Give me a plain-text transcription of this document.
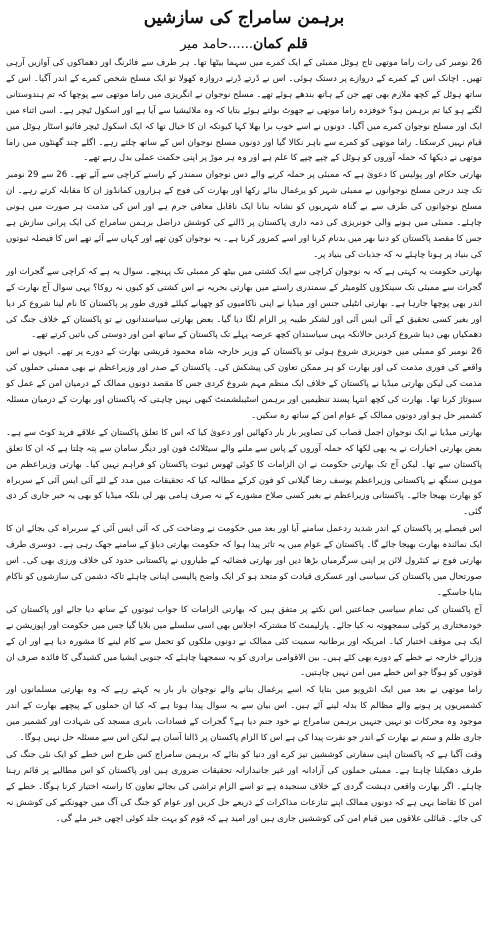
برہمن سامراج کی سازشیں
قلم کمان......حامد میر

26 نومبر کی رات راما موتھی تاج ہوٹل ممبئی کے ایک کمرے میں سہما بیٹھا تھا۔ ہر طرف سے فائرنگ اور دھماکوں کی آوازیں آرہی تھیں۔ اچانک اس کے کمرے کے دروازے پر دستک ہوئی۔ اس نے ڈرتے ڈرتے دروازہ کھولا تو ایک مسلح شخص کمرے کے اندر آگیا۔ اس کے ساتھ ہوٹل کے کچھ ملازم بھی تھے جن کے ہاتھ بندھے ہوئے تھے۔ مسلح نوجوان نے انگریزی میں راما موتھی سے پوچھا کہ تم ہندوستانی لگتے ہو کیا تم برہمن ہو؟ خوفزدہ راما موتھی نے جھوٹ بولتے ہوئے بتایا کہ وہ ملائیشیا سے آیا ہے اور اسکول ٹیچر ہے۔ اسی اثناء میں ایک اور مسلح نوجوان کمرے میں آگیا۔ دونوں نے اسے خوب برا بھلا کہا کیونکہ ان کا خیال تھا کہ ایک اسکول ٹیچر فائیو اسٹار ہوٹل میں قیام نہیں کرسکتا۔ راما موتھی کو کمرے سے باہر نکالا گیا اور دونوں مسلح نوجوان اس کے ساتھ چلتے رہے۔ اگلے چند گھنٹوں میں راما موتھی نے دیکھا کہ حملہ آوروں کو ہوٹل کے چپے چپے کا علم ہے اور وہ ہر موڑ پر اپنی حکمت عملی بدل رہے تھے۔

بھارتی حکام اور پولیس کا دعویٰ ہے کہ ممبئی پر حملہ کرنے والے دس نوجوان سمندر کے راستے کراچی سے آئے تھے۔ 26 سے 29 نومبر تک چند درجن مسلح نوجوانوں نے ممبئی شہر کو یرغمال بنائے رکھا اور بھارت کی فوج کے ہزاروں کمانڈوز ان کا مقابلہ کرتے رہے۔ ان مسلح نوجوانوں کی طرف سے بے گناہ شہریوں کو نشانہ بنانا ایک ناقابل معافی جرم ہے اور اس کی مذمت ہر صورت میں ہونی چاہئے۔ ممبئی میں ہونے والی خونریزی کی ذمہ داری پاکستان پر ڈالنے کی کوشش دراصل برہمن سامراج کی ایک پرانی سازش ہے جس کا مقصد پاکستان کو دنیا بھر میں بدنام کرنا اور اسے کمزور کرنا ہے۔ یہ نوجوان کون تھے اور کہاں سے آئے تھے اس کا فیصلہ ثبوتوں کی بنیاد پر ہونا چاہئے نہ کہ جذبات کی بنیاد پر۔

بھارتی حکومت یہ کہتی ہے کہ یہ نوجوان کراچی سے ایک کشتی میں بیٹھ کر ممبئی تک پہنچے۔ سوال یہ ہے کہ کراچی سے گجرات اور گجرات سے ممبئی تک سینکڑوں کلومیٹر کے سمندری راستے میں بھارتی بحریہ نے اس کشتی کو کیوں نہ روکا؟ یہی سوال آج بھارت کے اندر بھی پوچھا جارہا ہے۔ بھارتی انٹیلی جنس اور میڈیا نے اپنی ناکامیوں کو چھپانے کیلئے فوری طور پر پاکستان کا نام لینا شروع کر دیا اور بغیر کسی تحقیق کے آئی ایس آئی اور لشکر طیبہ پر الزام لگا دیا گیا۔ بعض بھارتی سیاستدانوں نے تو پاکستان کے خلاف جنگ کی دھمکیاں بھی دینا شروع کردیں حالانکہ یہی سیاستدان کچھ عرصہ پہلے تک پاکستان کے ساتھ امن اور دوستی کی باتیں کرتے تھے۔

26 نومبر کو ممبئی میں خونریزی شروع ہوئی تو پاکستان کے وزیر خارجہ شاہ محمود قریشی بھارت کے دورے پر تھے۔ انہوں نے اس واقعے کی فوری مذمت کی اور بھارت کو ہر ممکن تعاون کی پیشکش کی۔ پاکستان کے صدر اور وزیراعظم نے بھی ممبئی حملوں کی مذمت کی لیکن بھارتی میڈیا نے پاکستان کے خلاف ایک منظم مہم شروع کردی جس کا مقصد دونوں ممالک کے درمیان امن کے عمل کو سبوتاژ کرنا تھا۔ بھارت کی کچھ انتہا پسند تنظیمیں اور برہمن اسٹیبلشمنٹ کبھی نہیں چاہتی کہ پاکستان اور بھارت کے درمیان مسئلہ کشمیر حل ہو اور دونوں ممالک کے عوام امن کے ساتھ رہ سکیں۔

بھارتی میڈیا نے ایک نوجوان اجمل قصاب کی تصاویر بار بار دکھائیں اور دعویٰ کیا کہ اس کا تعلق پاکستان کے علاقے فرید کوٹ سے ہے۔ بعض بھارتی اخبارات نے یہ بھی لکھا کہ حملہ آوروں کے پاس سے ملنے والے سیٹلائٹ فون اور دیگر سامان سے پتہ چلتا ہے کہ ان کا تعلق پاکستان سے تھا۔ لیکن آج تک بھارتی حکومت نے ان الزامات کا کوئی ٹھوس ثبوت پاکستان کو فراہم نہیں کیا۔ بھارتی وزیراعظم من موہن سنگھ نے پاکستانی وزیراعظم یوسف رضا گیلانی کو فون کرکے مطالبہ کیا کہ تحقیقات میں مدد کے لئے آئی ایس آئی کے سربراہ کو بھارت بھیجا جائے۔ پاکستانی وزیراعظم نے بغیر کسی صلاح مشورے کے نہ صرف ہامی بھر لی بلکہ میڈیا کو بھی یہ خبر جاری کر دی گئی۔

اس فیصلے پر پاکستان کے اندر شدید ردعمل سامنے آیا اور بعد میں حکومت نے وضاحت کی کہ آئی ایس آئی کے سربراہ کی بجائے ان کا ایک نمائندہ بھارت بھیجا جائے گا۔ پاکستان کے عوام میں یہ تاثر پیدا ہوا کہ حکومت بھارتی دباؤ کے سامنے جھک رہی ہے۔ دوسری طرف بھارتی فوج نے کنٹرول لائن پر اپنی سرگرمیاں بڑھا دیں اور بھارتی فضائیہ کے طیاروں نے پاکستانی حدود کی خلاف ورزی بھی کی۔ اس صورتحال میں پاکستان کی سیاسی اور عسکری قیادت کو متحد ہو کر ایک واضح پالیسی اپنانی چاہئے تاکہ دشمن کی سازشوں کو ناکام بنایا جاسکے۔

آج پاکستان کی تمام سیاسی جماعتیں اس نکتے پر متفق ہیں کہ بھارتی الزامات کا جواب ثبوتوں کے ساتھ دیا جائے اور پاکستان کی خودمختاری پر کوئی سمجھوتہ نہ کیا جائے۔ پارلیمنٹ کا مشترکہ اجلاس بھی اسی سلسلے میں بلایا گیا جس میں حکومت اور اپوزیشن نے ایک ہی موقف اختیار کیا۔ امریکہ اور برطانیہ سمیت کئی ممالک نے دونوں ملکوں کو تحمل سے کام لینے کا مشورہ دیا ہے اور ان کے وزرائے خارجہ نے خطے کے دورے بھی کئے ہیں۔ بین الاقوامی برادری کو یہ سمجھنا چاہئے کہ جنوبی ایشیا میں کشیدگی کا فائدہ صرف ان قوتوں کو ہوگا جو اس خطے میں امن نہیں چاہتیں۔

راما موتھی نے بعد میں ایک انٹرویو میں بتایا کہ اسے یرغمال بنانے والے نوجوان بار بار یہ کہتے رہے کہ وہ بھارتی مسلمانوں اور کشمیریوں پر ہونے والے مظالم کا بدلہ لینے آئے ہیں۔ اس بیان سے یہ سوال پیدا ہوتا ہے کہ کیا ان حملوں کے پیچھے بھارت کے اندر موجود وہ محرکات تو نہیں جنہیں برہمن سامراج نے خود جنم دیا ہے؟ گجرات کے فسادات، بابری مسجد کی شہادت اور کشمیر میں جاری ظلم و ستم نے بھارت کے اندر جو نفرت پیدا کی ہے اس کا الزام پاکستان پر ڈالنا آسان ہے لیکن اس سے مسئلہ حل نہیں ہوگا۔

وقت آگیا ہے کہ پاکستان اپنی سفارتی کوششیں تیز کرے اور دنیا کو بتائے کہ برہمن سامراج کس طرح اس خطے کو ایک نئی جنگ کی طرف دھکیلنا چاہتا ہے۔ ممبئی حملوں کی آزادانہ اور غیر جانبدارانہ تحقیقات ضروری ہیں اور پاکستان کو اس مطالبے پر قائم رہنا چاہئے۔ اگر بھارت واقعی دہشت گردی کے خلاف سنجیدہ ہے تو اسے الزام تراشی کی بجائے تعاون کا راستہ اختیار کرنا ہوگا۔ خطے کے امن کا تقاضا یہی ہے کہ دونوں ممالک اپنے تنازعات مذاکرات کے ذریعے حل کریں اور عوام کو جنگ کی آگ میں جھونکنے کی کوشش نہ کی جائے۔ قبائلی علاقوں میں قیام امن کی کوششیں جاری ہیں اور امید ہے کہ قوم کو بہت جلد کوئی اچھی خبر ملے گی۔
